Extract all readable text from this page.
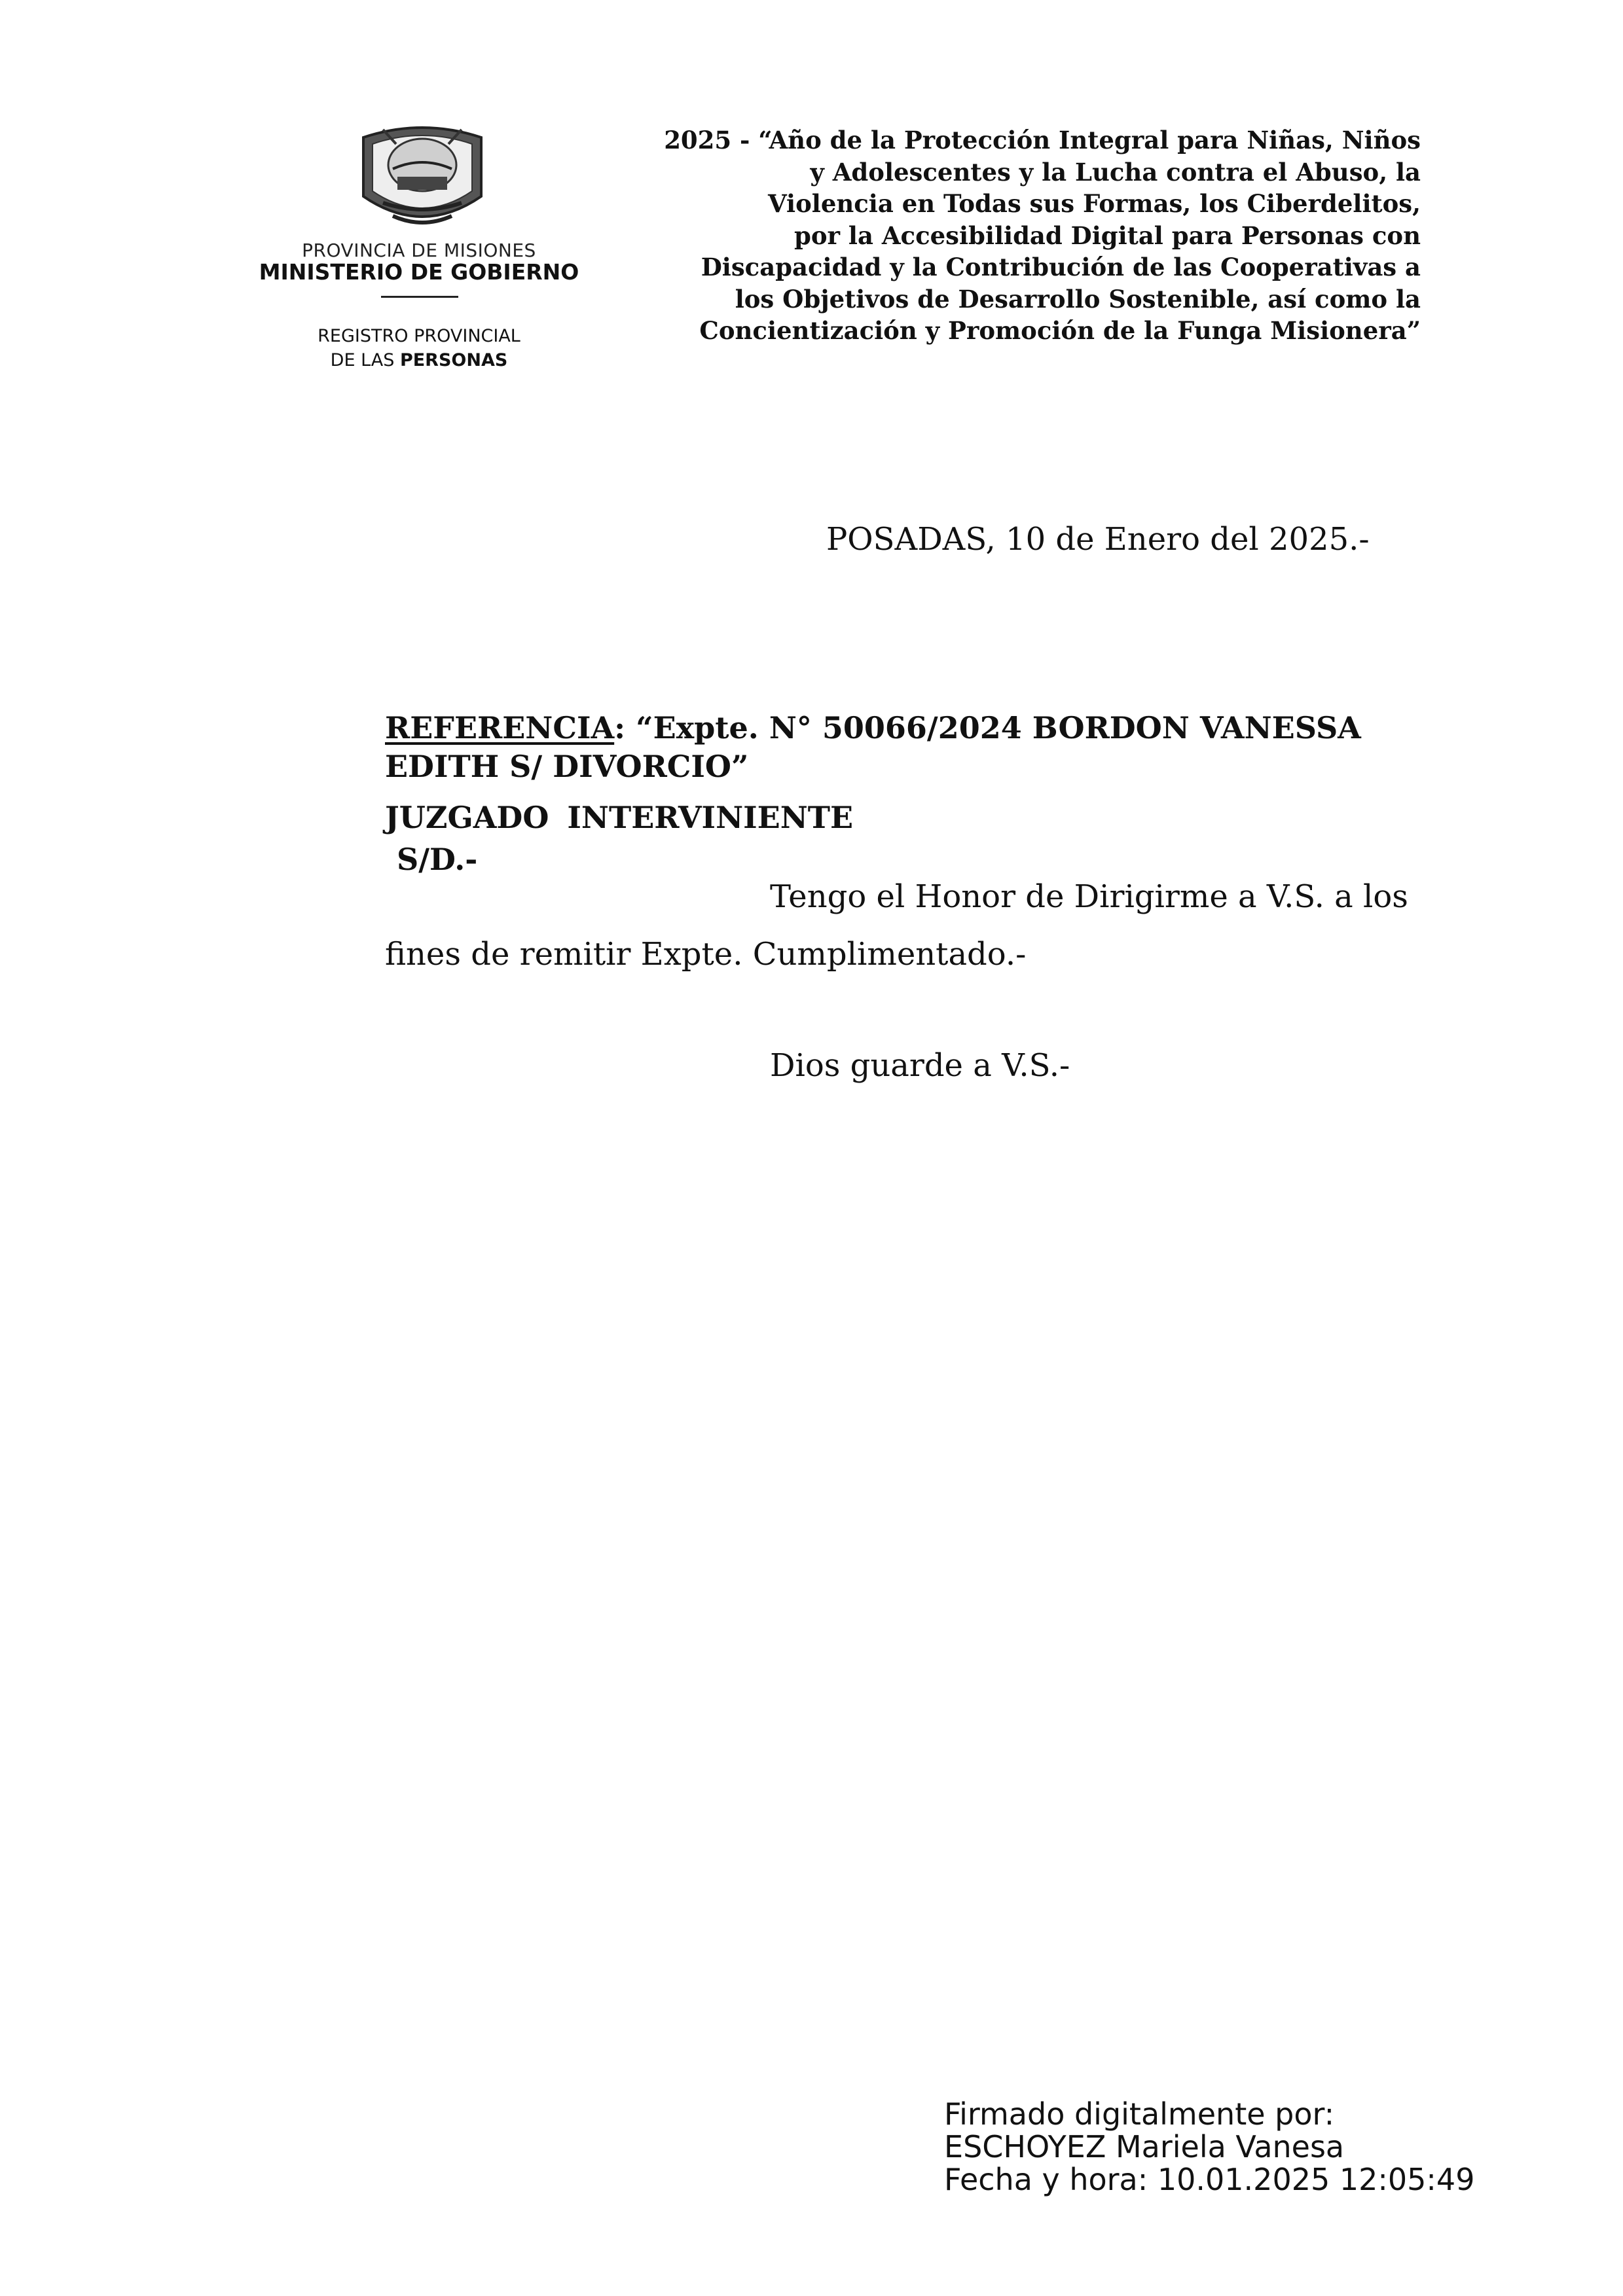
PROVINCIA DE MISIONES
MINISTERIO DE GOBIERNO
REGISTRO PROVINCIAL
DE LAS PERSONAS
2025 - “Año de la Protección Integral para Niñas, Niños
y Adolescentes y la Lucha contra el Abuso, la
Violencia en Todas sus Formas, los Ciberdelitos,
por la Accesibilidad Digital para Personas con
Discapacidad y la Contribución de las Cooperativas a
los Objetivos de Desarrollo Sostenible, así como la
Concientización y Promoción de la Funga Misionera”
POSADAS, 10 de Enero del 2025.-
REFERENCIA: “Expte. N° 50066/2024 BORDON VANESSA
EDITH S/ DIVORCIO”
JUZGADO INTERVINIENTE
S/D.-
Tengo el Honor de Dirigirme a V.S. a los
fines de remitir Expte. Cumplimentado.-
Dios guarde a V.S.-
Firmado digitalmente por:
ESCHOYEZ Mariela Vanesa
Fecha y hora: 10.01.2025 12:05:49
